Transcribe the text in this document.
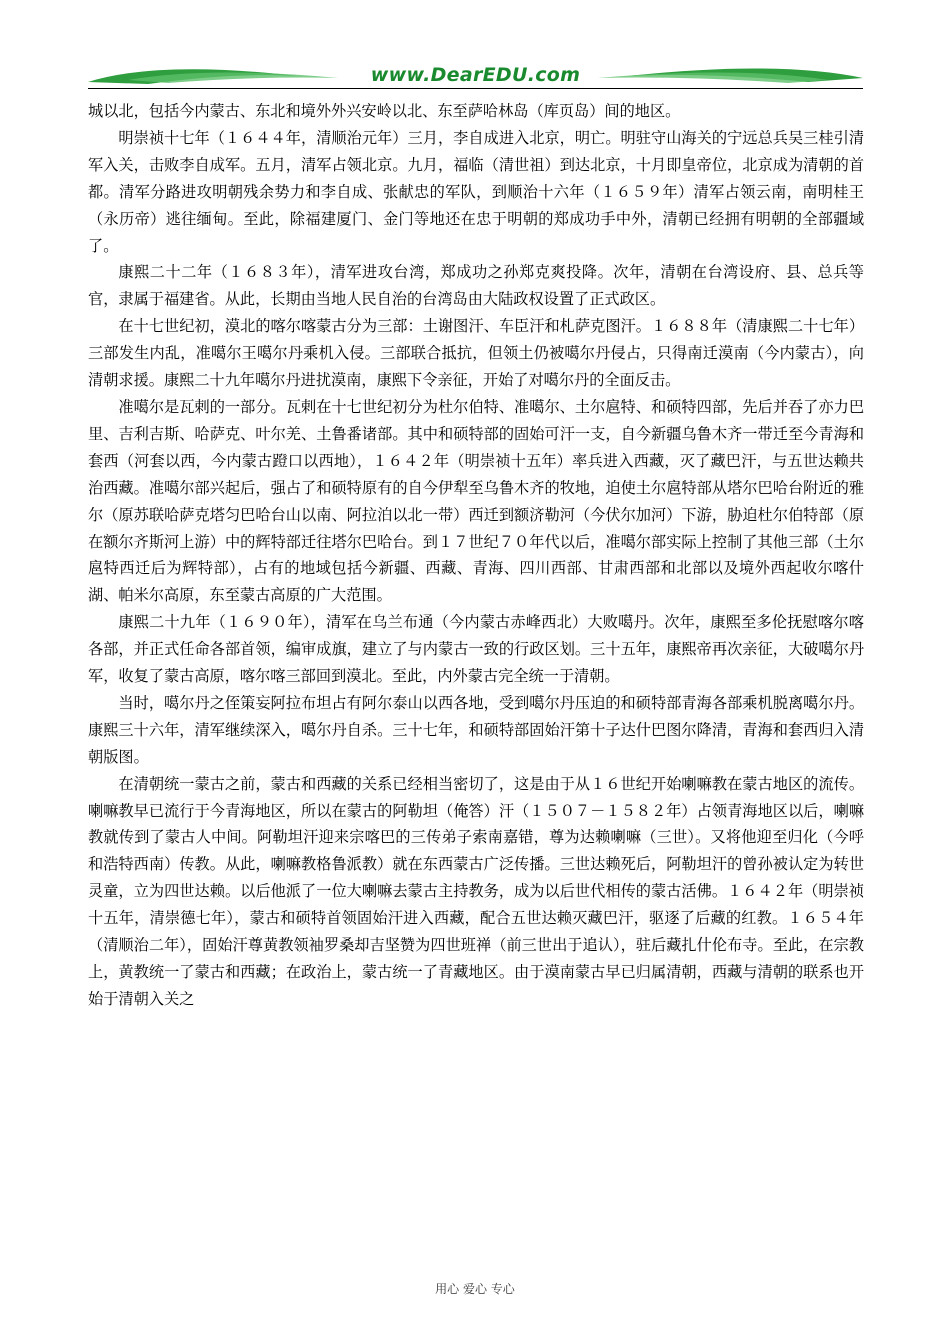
www.DearEDU.com

城以北，包括今内蒙古、东北和境外外兴安岭以北、东至萨哈林岛（库页岛）间的地区。

明崇祯十七年（１６４４年，清顺治元年）三月，李自成进入北京，明亡。明驻守山海关的宁远总兵吴三桂引清军入关，击败李自成军。五月，清军占领北京。九月，福临（清世祖）到达北京，十月即皇帝位，北京成为清朝的首都。清军分路进攻明朝残余势力和李自成、张献忠的军队，到顺治十六年（１６５９年）清军占领云南，南明桂王（永历帝）逃往缅甸。至此，除福建厦门、金门等地还在忠于明朝的郑成功手中外，清朝已经拥有明朝的全部疆域了。

康熙二十二年（１６８３年），清军进攻台湾，郑成功之孙郑克爽投降。次年，清朝在台湾设府、县、总兵等官，隶属于福建省。从此，长期由当地人民自治的台湾岛由大陆政权设置了正式政区。

在十七世纪初，漠北的喀尔喀蒙古分为三部：土谢图汗、车臣汗和札萨克图汗。１６８８年（清康熙二十七年）三部发生内乱，准噶尔王噶尔丹乘机入侵。三部联合抵抗，但领土仍被噶尔丹侵占，只得南迁漠南（今内蒙古），向清朝求援。康熙二十九年噶尔丹进扰漠南，康熙下令亲征，开始了对噶尔丹的全面反击。

准噶尔是瓦剌的一部分。瓦剌在十七世纪初分为杜尔伯特、准噶尔、土尔扈特、和硕特四部，先后并吞了亦力巴里、吉利吉斯、哈萨克、叶尔羌、土鲁番诸部。其中和硕特部的固始可汗一支，自今新疆乌鲁木齐一带迁至今青海和套西（河套以西，今内蒙古蹬口以西地），１６４２年（明崇祯十五年）率兵进入西藏，灭了藏巴汗，与五世达赖共治西藏。准噶尔部兴起后，强占了和硕特原有的自今伊犁至乌鲁木齐的牧地，迫使土尔扈特部从塔尔巴哈台附近的雅尔（原苏联哈萨克塔匀巴哈台山以南、阿拉泊以北一带）西迁到额济勒河（今伏尔加河）下游，胁迫杜尔伯特部（原在额尔齐斯河上游）中的辉特部迁往塔尔巴哈台。到１７世纪７０年代以后，准噶尔部实际上控制了其他三部（土尔扈特西迁后为辉特部），占有的地域包括今新疆、西藏、青海、四川西部、甘肃西部和北部以及境外西起收尔喀什湖、帕米尔高原，东至蒙古高原的广大范围。

康熙二十九年（１６９０年），清军在乌兰布通（今内蒙古赤峰西北）大败噶丹。次年，康熙至多伦抚慰喀尔喀各部，并正式任命各部首领，编审成旗，建立了与内蒙古一致的行政区划。三十五年，康熙帝再次亲征，大破噶尔丹军，收复了蒙古高原，喀尔喀三部回到漠北。至此，内外蒙古完全统一于清朝。

当时，噶尔丹之侄策妄阿拉布坦占有阿尔泰山以西各地，受到噶尔丹压迫的和硕特部青海各部乘机脱离噶尔丹。康熙三十六年，清军继续深入，噶尔丹自杀。三十七年，和硕特部固始汗第十子达什巴图尔降清，青海和套西归入清朝版图。

在清朝统一蒙古之前，蒙古和西藏的关系已经相当密切了，这是由于从１６世纪开始喇嘛教在蒙古地区的流传。喇嘛教早已流行于今青海地区，所以在蒙古的阿勒坦（俺答）汗（１５０７－１５８２年）占领青海地区以后，喇嘛教就传到了蒙古人中间。阿勒坦汗迎来宗喀巴的三传弟子索南嘉错，尊为达赖喇嘛（三世）。又将他迎至归化（今呼和浩特西南）传教。从此，喇嘛教格鲁派教）就在东西蒙古广泛传播。三世达赖死后，阿勒坦汗的曾孙被认定为转世灵童，立为四世达赖。以后他派了一位大喇嘛去蒙古主持教务，成为以后世代相传的蒙古活佛。１６４２年（明崇祯十五年，清崇德七年），蒙古和硕特首领固始汗进入西藏，配合五世达赖灭藏巴汗，驱逐了后藏的红教。１６５４年（清顺治二年），固始汗尊黄教领袖罗桑却吉坚赞为四世班禅（前三世出于追认），驻后藏扎什伦布寺。至此，在宗教上，黄教统一了蒙古和西藏；在政治上，蒙古统一了青藏地区。由于漠南蒙古早已归属清朝，西藏与清朝的联系也开始于清朝入关之

用心 爱心 专心
